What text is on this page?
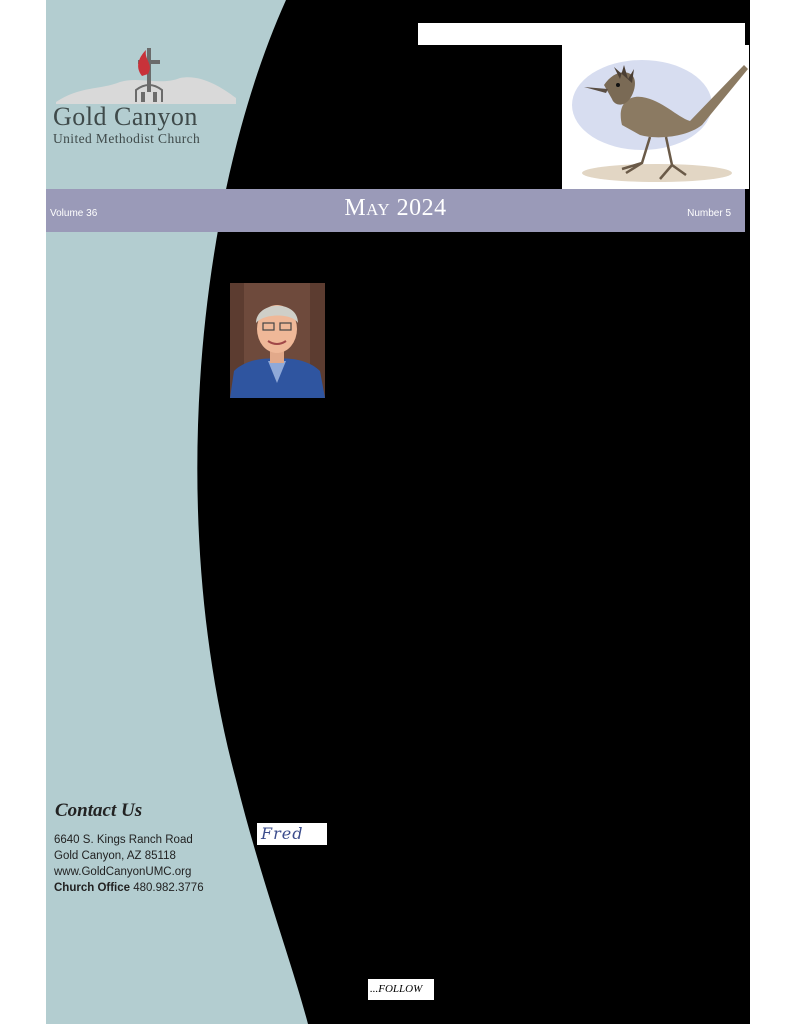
Gold Canyon
United Methodist Church
Volume 36	May 2024	Number 5
Contact Us
6640 S. Kings Ranch Road
Gold Canyon, AZ 85118
www.GoldCanyonUMC.org
Church Office 480.982.3776
Fred
...FOLLOW
